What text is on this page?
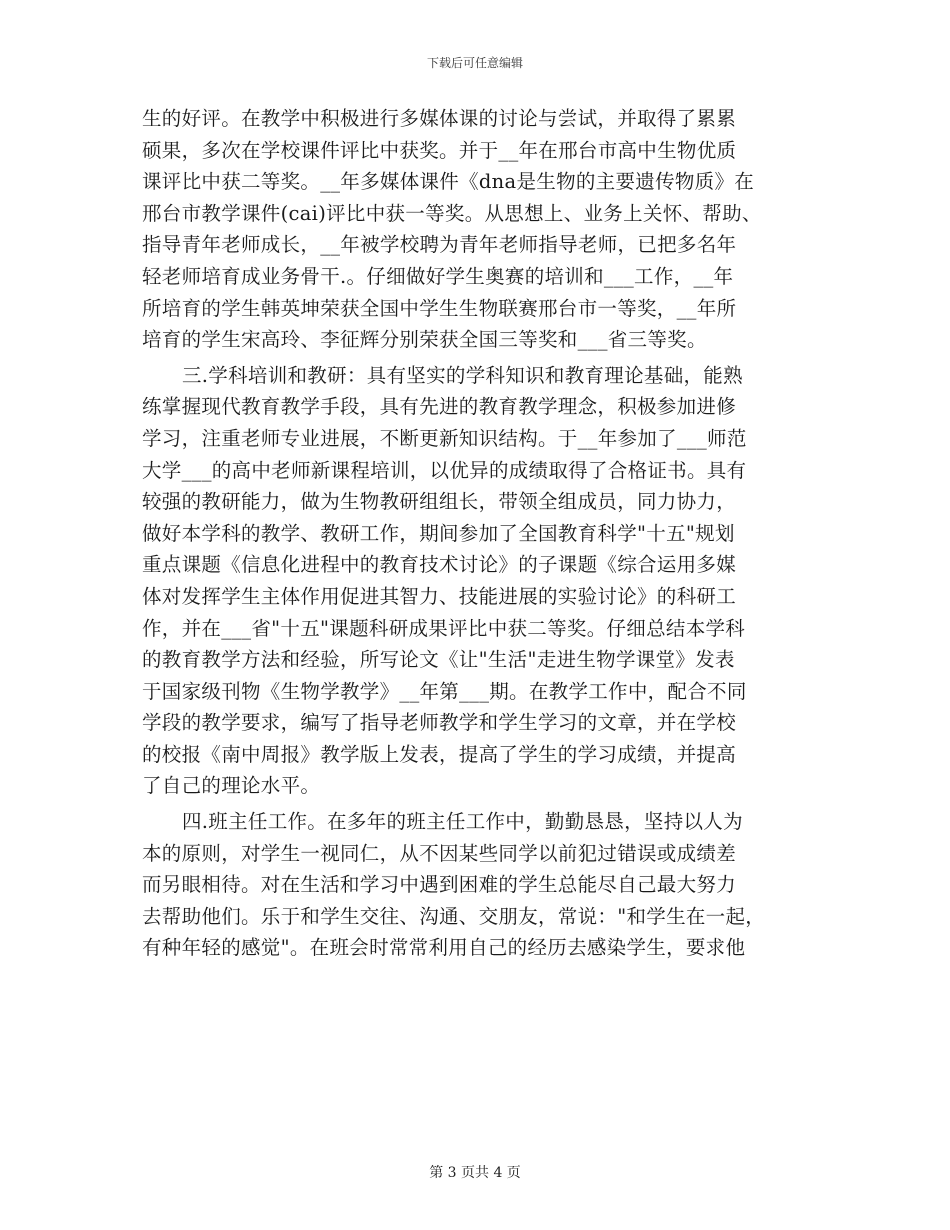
下载后可任意编辑
生的好评。在教学中积极进行多媒体课的讨论与尝试，并取得了累累
硕果，多次在学校课件评比中获奖。并于__年在邢台市高中生物优质
课评比中获二等奖。__年多媒体课件《dna是生物的主要遗传物质》在
邢台市教学课件(cai)评比中获一等奖。从思想上、业务上关怀、帮助、
指导青年老师成长，__年被学校聘为青年老师指导老师，已把多名年
轻老师培育成业务骨干.。仔细做好学生奥赛的培训和___工作，__年
所培育的学生韩英坤荣获全国中学生生物联赛邢台市一等奖，__年所
培育的学生宋高玲、李征辉分别荣获全国三等奖和___省三等奖。
三.学科培训和教研：具有坚实的学科知识和教育理论基础，能熟
练掌握现代教育教学手段，具有先进的教育教学理念，积极参加进修
学习，注重老师专业进展，不断更新知识结构。于__年参加了___师范
大学___的高中老师新课程培训，以优异的成绩取得了合格证书。具有
较强的教研能力，做为生物教研组组长，带领全组成员，同力协力，
做好本学科的教学、教研工作，期间参加了全国教育科学"十五"规划
重点课题《信息化进程中的教育技术讨论》的子课题《综合运用多媒
体对发挥学生主体作用促进其智力、技能进展的实验讨论》的科研工
作，并在___省"十五"课题科研成果评比中获二等奖。仔细总结本学科
的教育教学方法和经验，所写论文《让"生活"走进生物学课堂》发表
于国家级刊物《生物学教学》__年第___期。在教学工作中，配合不同
学段的教学要求，编写了指导老师教学和学生学习的文章，并在学校
的校报《南中周报》教学版上发表，提高了学生的学习成绩，并提高
了自己的理论水平。
四.班主任工作。在多年的班主任工作中，勤勤恳恳，坚持以人为
本的原则，对学生一视同仁，从不因某些同学以前犯过错误或成绩差
而另眼相待。对在生活和学习中遇到困难的学生总能尽自己最大努力
去帮助他们。乐于和学生交往、沟通、交朋友，常说："和学生在一起，
有种年轻的感觉"。在班会时常常利用自己的经历去感染学生，要求他
第 3 页共 4 页
